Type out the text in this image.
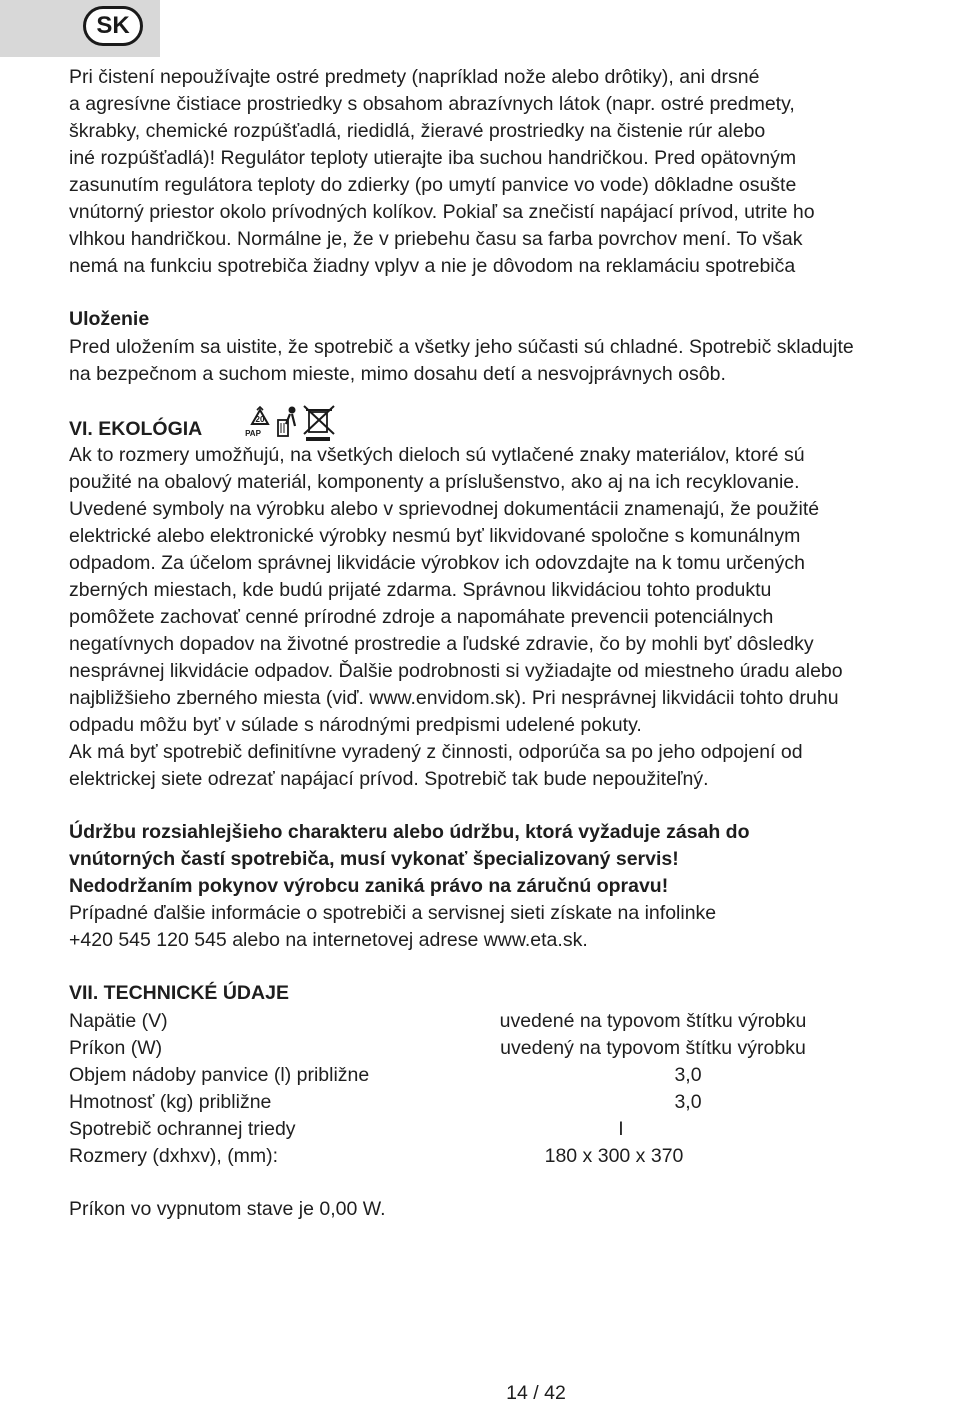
SK
Pri čistení nepoužívajte ostré predmety (napríklad nože alebo drôtiky), ani drsné
a agresívne čistiace prostriedky s obsahom abrazívnych látok (napr. ostré predmety,
škrabky, chemické rozpúšťadlá, riedidlá, žieravé prostriedky na čistenie rúr alebo
iné rozpúšťadlá)! Regulátor teploty utierajte iba suchou handričkou. Pred opätovným
zasunutím regulátora teploty do zdierky (po umytí panvice vo vode) dôkladne osušte
vnútorný priestor okolo prívodných kolíkov. Pokiaľ sa znečistí napájací prívod, utrite ho
vlhkou handričkou. Normálne je, že v priebehu času sa farba povrchov mení. To však
nemá na funkciu spotrebiča žiadny vplyv a nie je dôvodom na reklamáciu spotrebiča
Uloženie
Pred uložením sa uistite, že spotrebič a všetky jeho súčasti sú chladné. Spotrebič skladujte
na bezpečnom a suchom mieste, mimo dosahu detí a nesvojprávnych osôb.
VI. EKOLÓGIA	20
PAP
Ak to rozmery umožňujú, na všetkých dieloch sú vytlačené znaky materiálov, ktoré sú
použité na obalový materiál, komponenty a príslušenstvo, ako aj na ich recyklovanie.
Uvedené symboly na výrobku alebo v sprievodnej dokumentácii znamenajú, že použité
elektrické alebo elektronické výrobky nesmú byť likvidované spoločne s komunálnym
odpadom. Za účelom správnej likvidácie výrobkov ich odovzdajte na k tomu určených
zberných miestach, kde budú prijaté zdarma. Správnou likvidáciou tohto produktu
pomôžete zachovať cenné prírodné zdroje a napomáhate prevencii potenciálnych
negatívnych dopadov na životné prostredie a ľudské zdravie, čo by mohli byť dôsledky
nesprávnej likvidácie odpadov. Ďalšie podrobnosti si vyžiadajte od miestneho úradu alebo
najbližšieho zberného miesta (viď. www.envidom.sk). Pri nesprávnej likvidácii tohto druhu
odpadu môžu byť v súlade s národnými predpismi udelené pokuty.
Ak má byť spotrebič definitívne vyradený z činnosti, odporúča sa po jeho odpojení od
elektrickej siete odrezať napájací prívod. Spotrebič tak bude nepoužiteľný.
Údržbu rozsiahlejšieho charakteru alebo údržbu, ktorá vyžaduje zásah do
vnútorných častí spotrebiča, musí vykonať špecializovaný servis!
Nedodržaním pokynov výrobcu zaniká právo na záručnú opravu!
Prípadné ďalšie informácie o spotrebiči a servisnej sieti získate na infolinke
+420 545 120 545 alebo na internetovej adrese www.eta.sk.
VII. TECHNICKÉ ÚDAJE
Napätie (V)	uvedené na typovom štítku výrobku
Príkon (W)	uvedený na typovom štítku výrobku
Objem nádoby panvice (l) približne	3,0
Hmotnosť (kg) približne	3,0
Spotrebič ochrannej triedy	I
Rozmery (dxhxv), (mm):	180 x 300 x 370
Príkon vo vypnutom stave je 0,00 W.
14 / 42
